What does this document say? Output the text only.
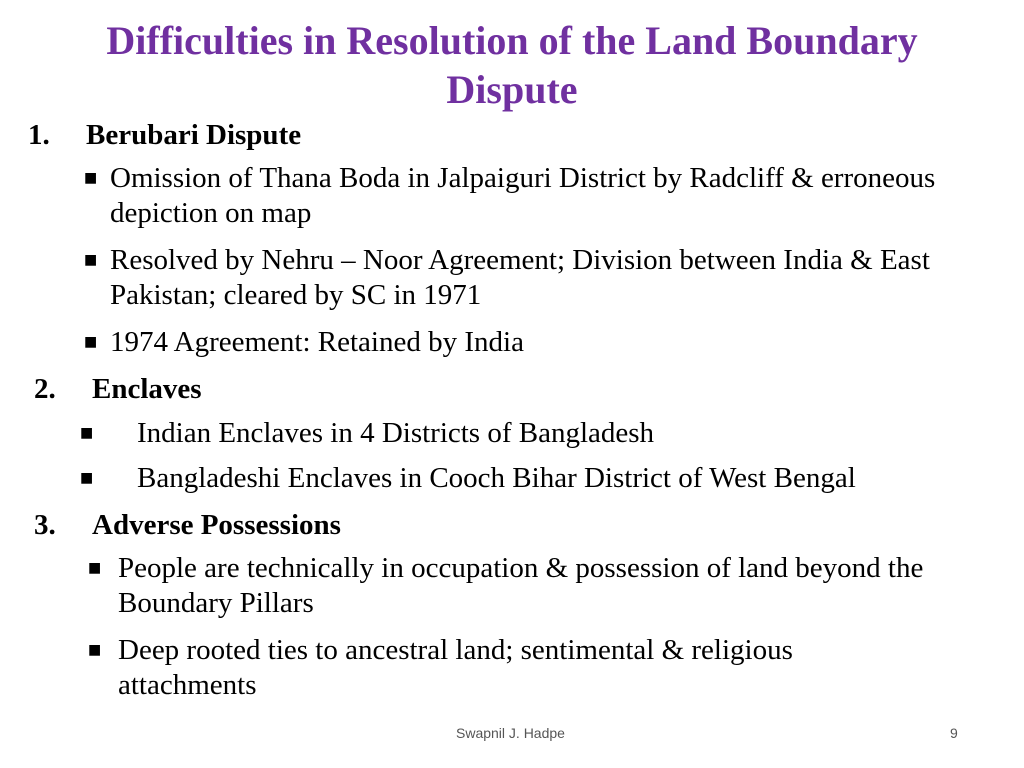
Difficulties in Resolution of the Land Boundary
Dispute
1. Berubari Dispute
■ Omission of Thana Boda in Jalpaiguri District by Radcliff & erroneous depiction on map
■ Resolved by Nehru – Noor Agreement; Division between India & East Pakistan; cleared by SC in 1971
■ 1974 Agreement: Retained by India
2. Enclaves
■	Indian Enclaves in 4 Districts of Bangladesh
■	Bangladeshi Enclaves in Cooch Bihar District of West Bengal
3. Adverse Possessions
■ People are technically in occupation & possession of land beyond the Boundary Pillars
■ Deep rooted ties to ancestral land; sentimental & religious attachments
Swapnil J. Hadpe	9
